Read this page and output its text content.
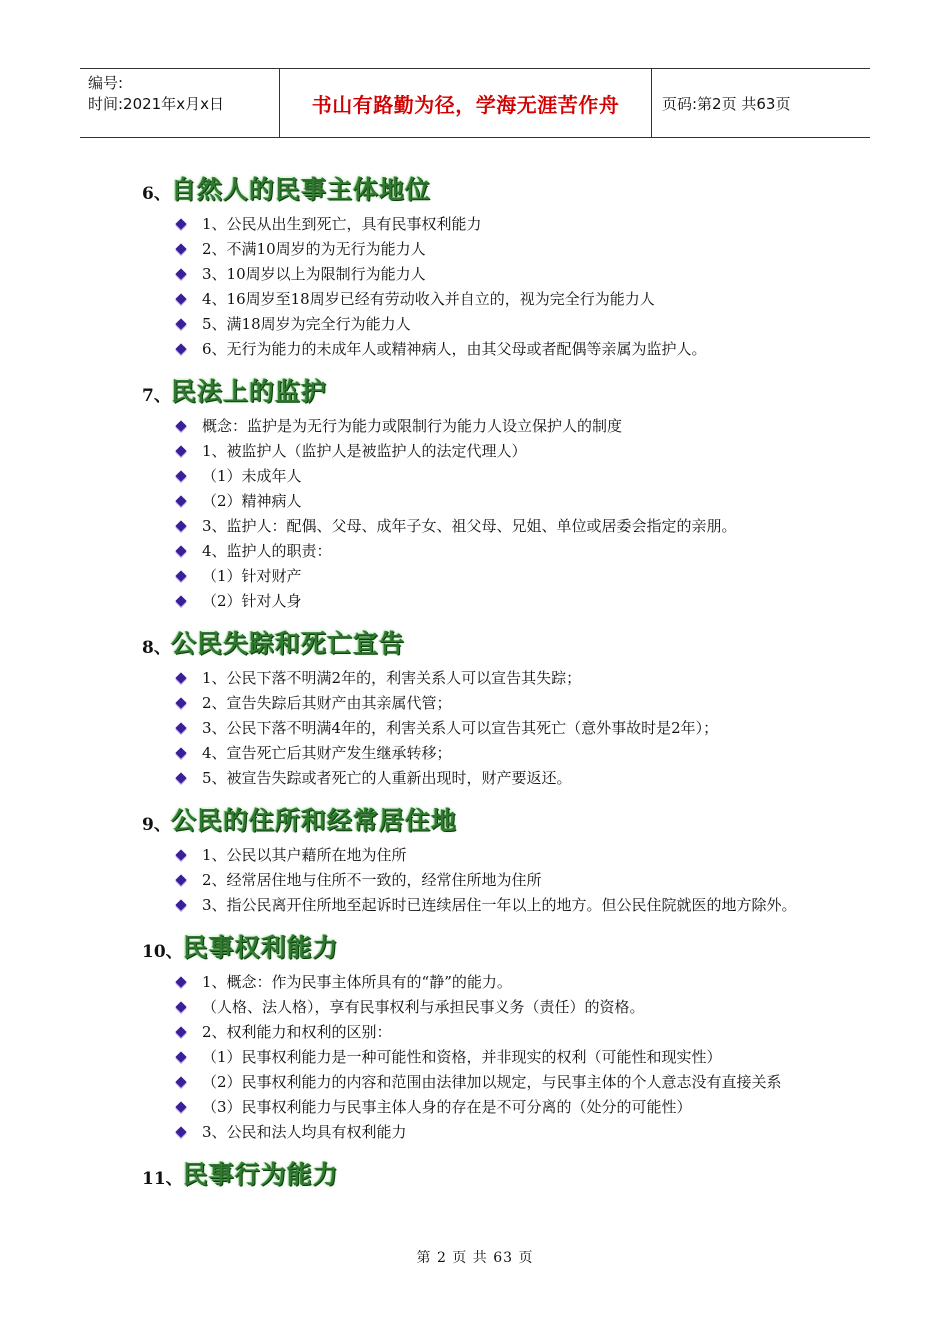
编号:
时间:2021年x月x日	书山有路勤为径，学海无涯苦作舟	页码:第2页 共63页
6、 自然人的民事主体地位
1、公民从出生到死亡，具有民事权利能力
2、不满10周岁的为无行为能力人
3、10周岁以上为限制行为能力人
4、16周岁至18周岁已经有劳动收入并自立的，视为完全行为能力人
5、满18周岁为完全行为能力人
6、无行为能力的未成年人或精神病人，由其父母或者配偶等亲属为监护人。
7、 民法上的监护
概念：监护是为无行为能力或限制行为能力人设立保护人的制度
1、被监护人（监护人是被监护人的法定代理人）
（1）未成年人
（2）精神病人
3、监护人：配偶、父母、成年子女、祖父母、兄姐、单位或居委会指定的亲朋。
4、监护人的职责：
（1）针对财产
（2）针对人身
8、 公民失踪和死亡宣告
1、公民下落不明满2年的，利害关系人可以宣告其失踪；
2、宣告失踪后其财产由其亲属代管；
3、公民下落不明满4年的，利害关系人可以宣告其死亡（意外事故时是2年）；
4、宣告死亡后其财产发生继承转移；
5、被宣告失踪或者死亡的人重新出现时，财产要返还。
9、 公民的住所和经常居住地
1、公民以其户藉所在地为住所
2、经常居住地与住所不一致的，经常住所地为住所
3、指公民离开住所地至起诉时已连续居住一年以上的地方。但公民住院就医的地方除外。
10、 民事权利能力
1、概念：作为民事主体所具有的“静”的能力。
（人格、法人格），享有民事权利与承担民事义务（责任）的资格。
2、权利能力和权利的区别：
（1）民事权利能力是一种可能性和资格，并非现实的权利（可能性和现实性）
（2）民事权利能力的内容和范围由法律加以规定，与民事主体的个人意志没有直接关系
（3）民事权利能力与民事主体人身的存在是不可分离的（处分的可能性）
3、公民和法人均具有权利能力
11、 民事行为能力
第 2 页 共 63 页
